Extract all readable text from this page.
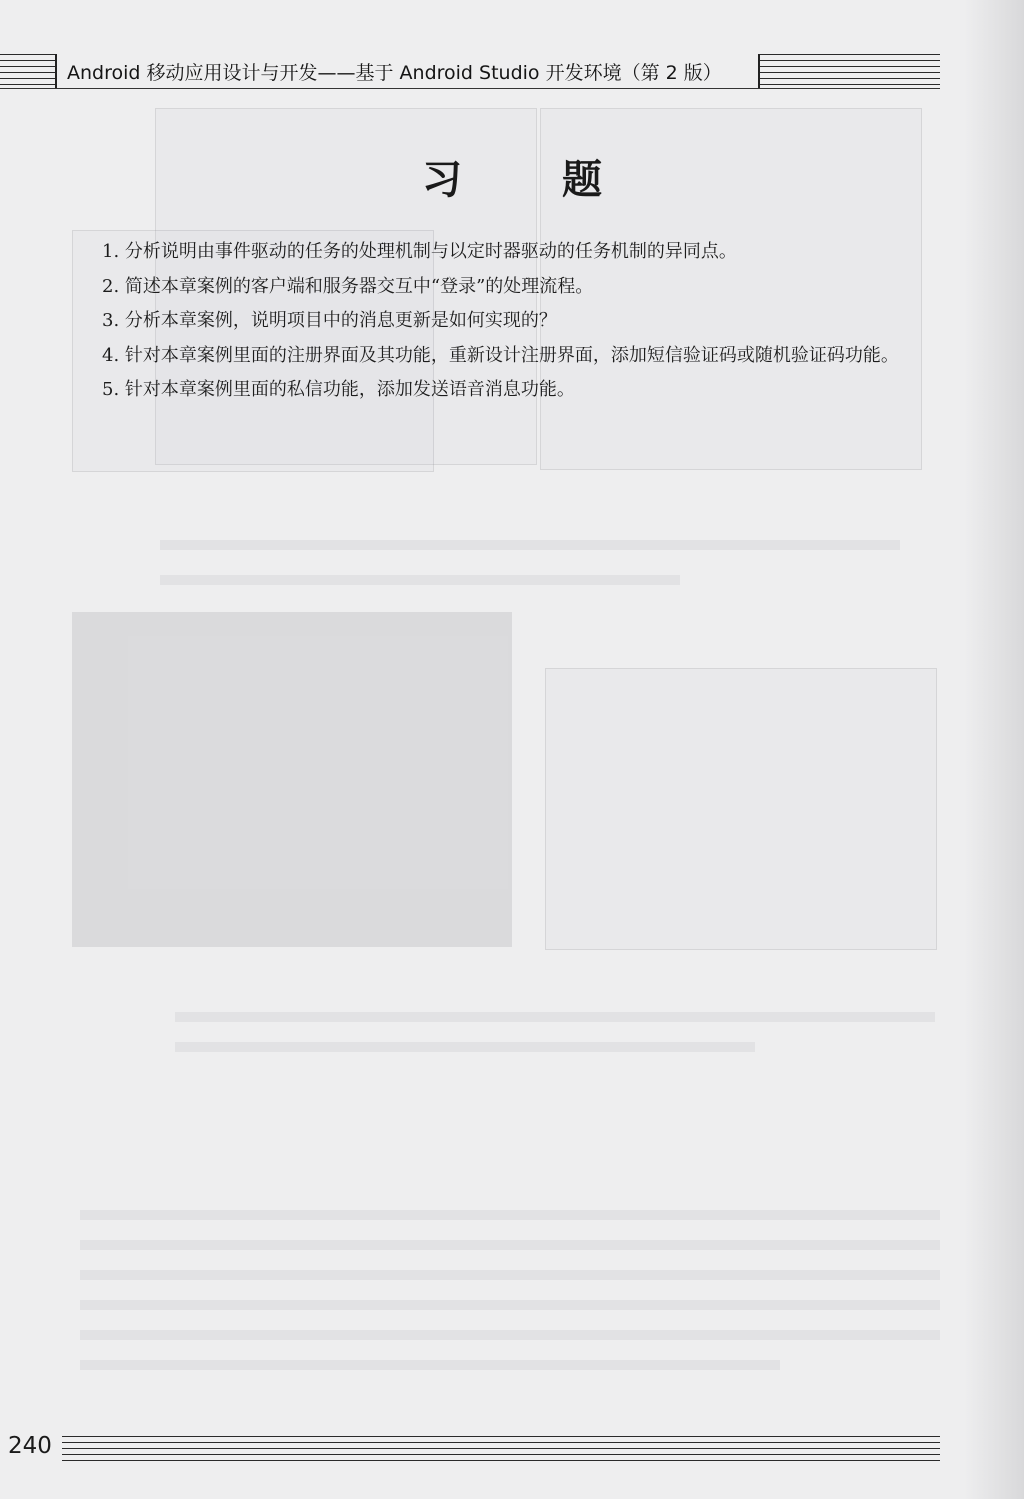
Android 移动应用设计与开发——基于 Android Studio 开发环境（第 2 版）
习题

1. 分析说明由事件驱动的任务的处理机制与以定时器驱动的任务机制的异同点。

2. 简述本章案例的客户端和服务器交互中“登录”的处理流程。

3. 分析本章案例，说明项目中的消息更新是如何实现的？

4. 针对本章案例里面的注册界面及其功能，重新设计注册界面，添加短信验证码或随机验证码功能。

5. 针对本章案例里面的私信功能，添加发送语音消息功能。

240
